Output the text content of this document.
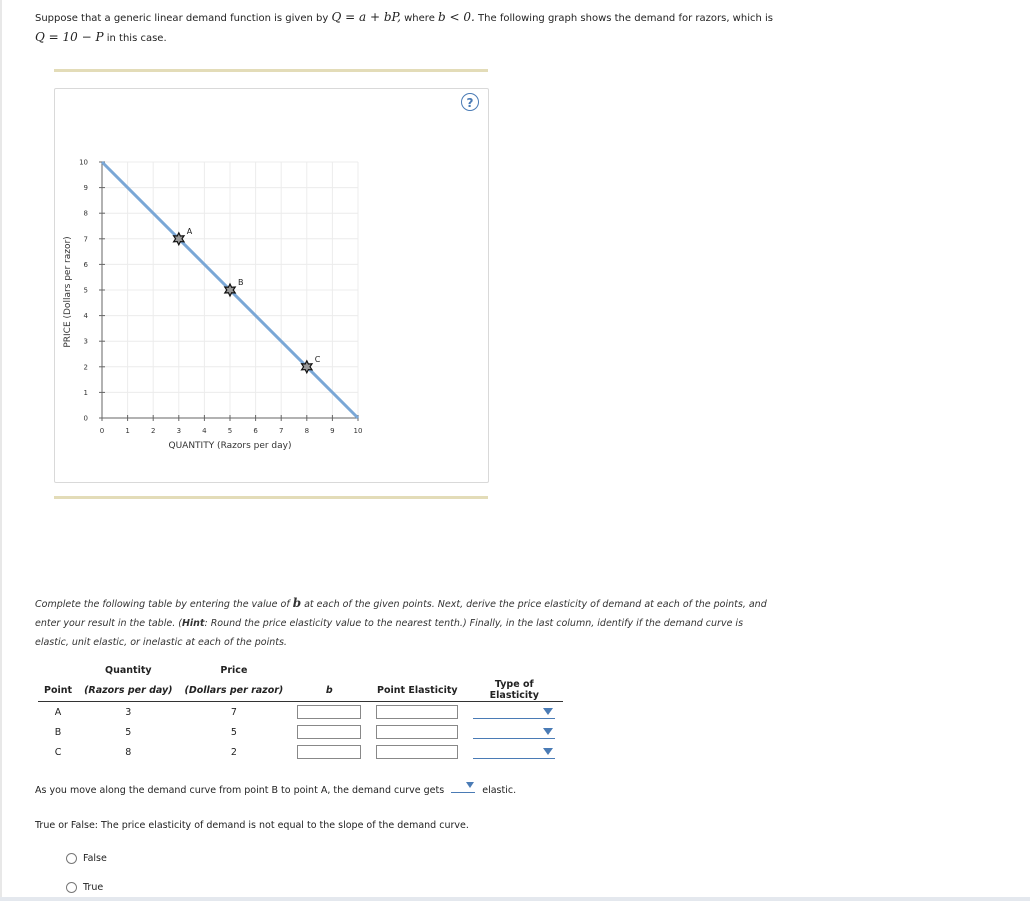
Suppose that a generic linear demand function is given by Q = a + bP, where b < 0. The following graph shows the demand for razors, which is
Q = 10 − P in this case.
?
0	1	2	3	4	5	6	7	8	9	10
0
1
2
3
4
5
6
7
8
9
10
A
B
C
QUANTITY (Razors per day)
PRICE (Dollars per razor)
Complete the following table by entering the value of b at each of the given points. Next, derive the price elasticity of demand at each of the points, and enter your result in the table. (Hint: Round the price elasticity value to the nearest tenth.) Finally, in the last column, identify if the demand curve is elastic, unit elastic, or inelastic at each of the points.
	Quantity	Price			
Point	(Razors per day)	(Dollars per razor)	b	Point Elasticity	Type of Elasticity
A	3	7			

B	5	5			

C	8	2			
As you move along the demand curve from point B to point A, the demand curve gets	elastic.
True or False: The price elasticity of demand is not equal to the slope of the demand curve.
False
True
